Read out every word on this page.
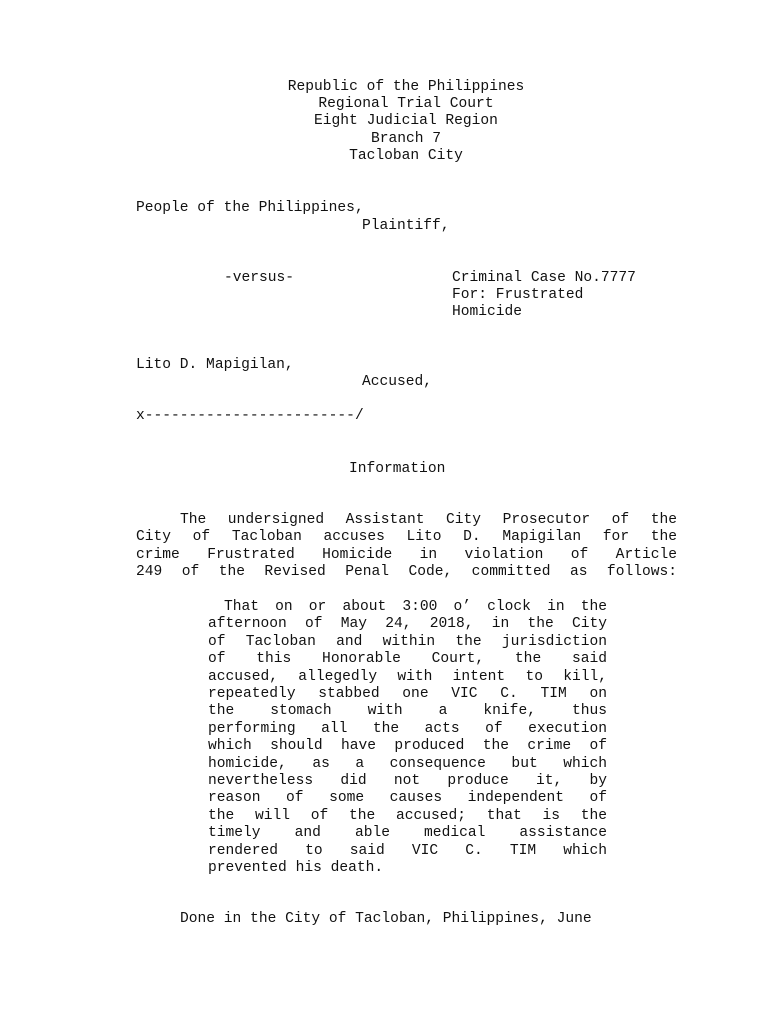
Republic of the Philippines
Regional Trial Court
Eight Judicial Region
Branch 7
Tacloban City
People of the Philippines,
Plaintiff,
-versus-	Criminal Case No.7777
For: Frustrated
Homicide
Lito D. Mapigilan,
Accused,
x------------------------/
Information
The undersigned Assistant City Prosecutor of the
City of Tacloban accuses Lito D. Mapigilan for the
crime Frustrated Homicide in violation of Article
249 of the Revised Penal Code, committed as follows:
That on or about 3:00 o’ clock in the
afternoon of May 24, 2018, in the City
of Tacloban and within the jurisdiction
of this Honorable Court, the said
accused, allegedly with intent to kill,
repeatedly stabbed one VIC C. TIM on
the stomach with a knife, thus
performing all the acts of execution
which should have produced the crime of
homicide, as a consequence but which
nevertheless did not produce it, by
reason of some causes independent of
the will of the accused; that is the
timely and able medical assistance
rendered to said VIC C. TIM which
prevented his death.
Done in the City of Tacloban, Philippines, June
